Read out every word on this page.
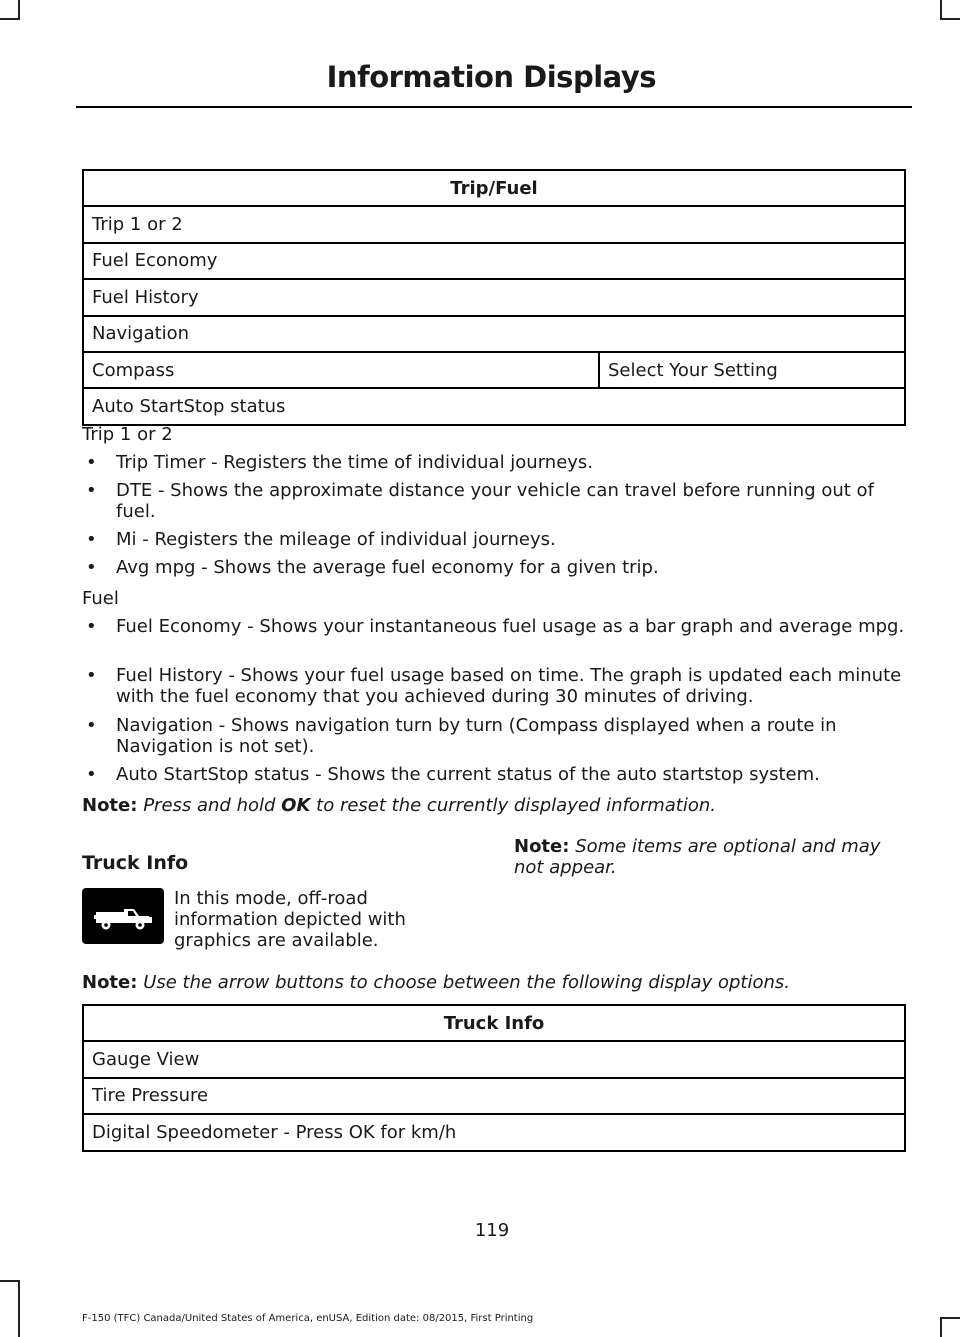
Information Displays
Trip/Fuel
Trip 1 or 2
Fuel Economy
Fuel History
Navigation
Compass	Select Your Setting
Auto StartStop status
Trip 1 or 2
• Trip Timer - Registers the time of individual journeys.
• DTE - Shows the approximate distance your vehicle can travel before running out of fuel.
• Mi - Registers the mileage of individual journeys.
• Avg mpg - Shows the average fuel economy for a given trip.
Fuel
• Fuel Economy - Shows your instantaneous fuel usage as a bar graph and average mpg.
• Fuel History - Shows your fuel usage based on time. The graph is updated each minute with the fuel economy that you achieved during 30 minutes of driving.
• Navigation - Shows navigation turn by turn (Compass displayed when a route in Navigation is not set).
• Auto StartStop status - Shows the current status of the auto startstop system.
Note: Press and hold OK to reset the currently displayed information.
Truck Info
In this mode, off-road information depicted with graphics are available.
Note: Some items are optional and may not appear.
Note: Use the arrow buttons to choose between the following display options.
Truck Info
Gauge View
Tire Pressure
Digital Speedometer - Press OK for km/h
119
F-150 (TFC) Canada/United States of America, enUSA, Edition date: 08/2015, First Printing
